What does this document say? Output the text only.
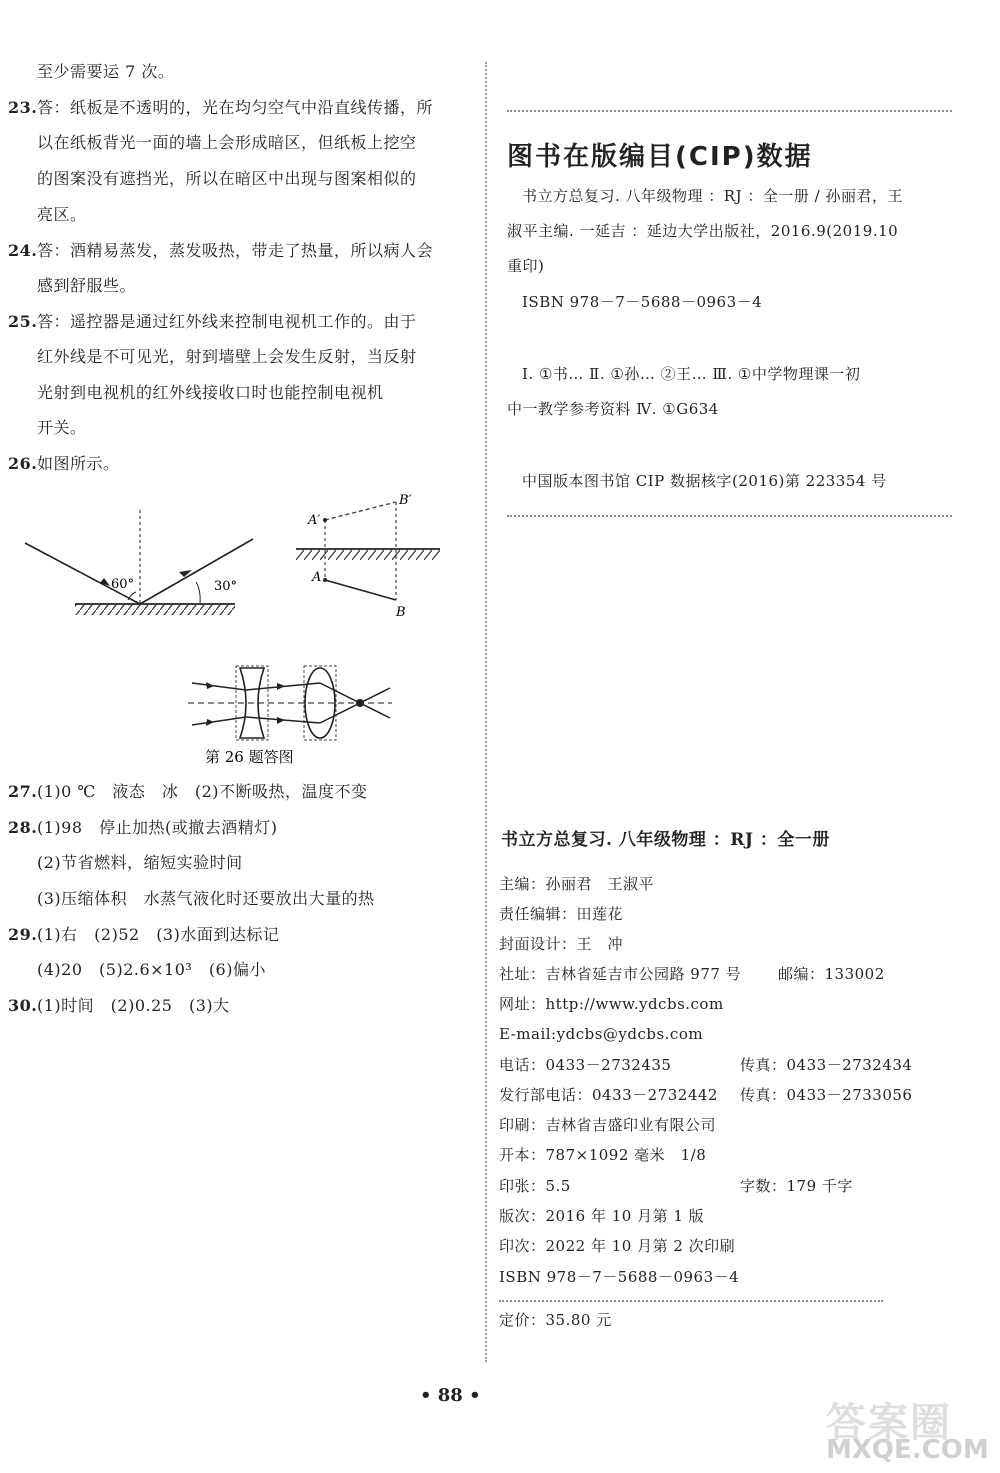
至少需要运 7 次。
23. 答：纸板是不透明的，光在均匀空气中沿直线传播，所
以在纸板背光一面的墙上会形成暗区，但纸板上挖空
的图案没有遮挡光，所以在暗区中出现与图案相似的
亮区。
24. 答：酒精易蒸发，蒸发吸热，带走了热量，所以病人会
感到舒服些。
25. 答：遥控器是通过红外线来控制电视机工作的。由于
红外线是不可见光，射到墙壁上会发生反射，当反射
光射到电视机的红外线接收口时也能控制电视机
开关。
26. 如图所示。
60°	30°
A′
B′
A
B
第 26 题答图
27. (1)0 ℃　液态　冰　(2)不断吸热，温度不变
28. (1)98　停止加热(或撤去酒精灯)
(2)节省燃料，缩短实验时间
(3)压缩体积　水蒸气液化时还要放出大量的热
29. (1)右　(2)52　(3)水面到达标记
(4)20　(5)2.6×10³　(6)偏小
30. (1)时间　(2)0.25　(3)大
图书在版编目(CIP)数据
书立方总复习. 八年级物理 ：RJ ：全一册 / 孙丽君，王
淑平主编. 一延吉 ：延边大学出版社，2016.9(2019.10
重印)
ISBN 978－7－5688－0963－4
Ⅰ. ①书… Ⅱ. ①孙… ②王… Ⅲ. ①中学物理课一初
中一教学参考资料 Ⅳ. ①G634
中国版本图书馆 CIP 数据核字(2016)第 223354 号
书立方总复习. 八年级物理 ：RJ ：全一册
主编：孙丽君　王淑平
责任编辑：田莲花
封面设计：王　冲
社址：吉林省延吉市公园路 977 号 邮编：133002
网址：http://www.ydcbs.com
E-mail:ydcbs@ydcbs.com
电话：0433－2732435	传真：0433－2732434
发行部电话：0433－2732442 传真：0433－2733056
印刷：吉林省吉盛印业有限公司
开本：787×1092 毫米　1/8
印张：5.5	字数：179 千字
版次：2016 年 10 月第 1 版
印次：2022 年 10 月第 2 次印刷
ISBN 978－7－5688－0963－4
定价：35.80 元
• 88 •
答案圈
MXQE.COM
